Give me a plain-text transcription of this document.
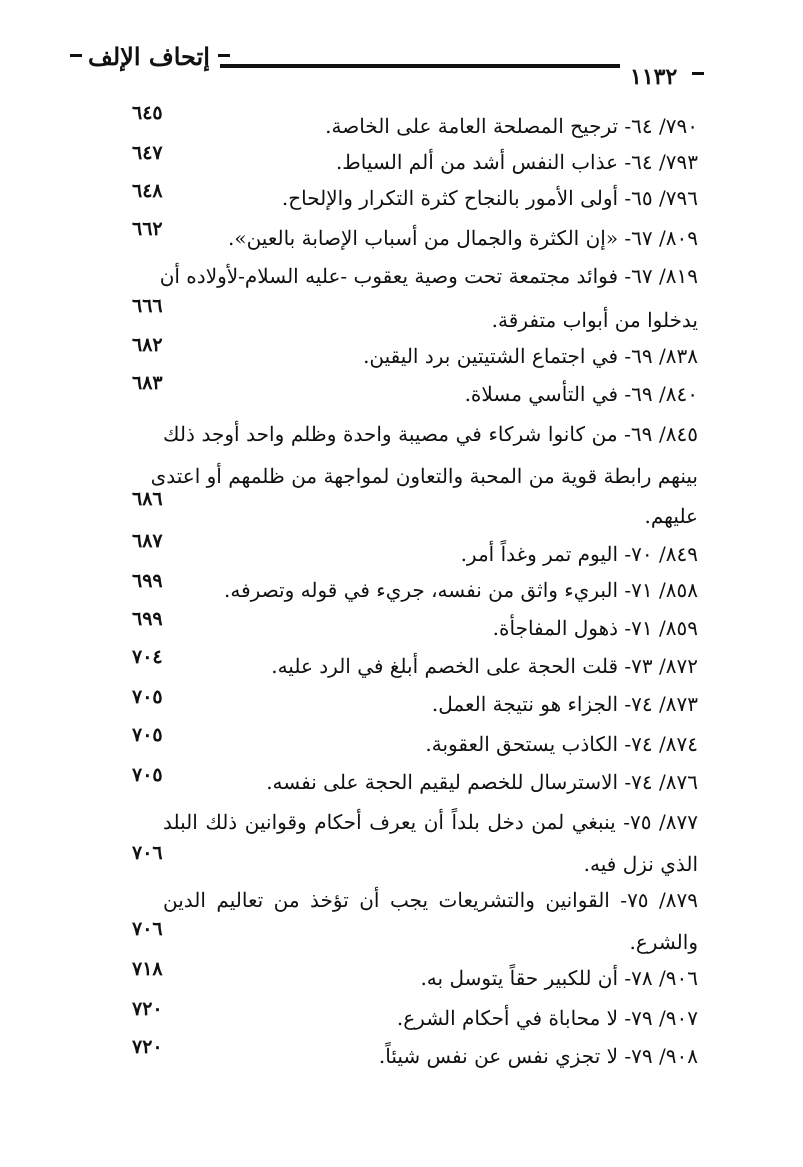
إتحاف الإلف
١١٣٢
٧٩٠/ ٦٤- ترجيح المصلحة العامة على الخاصة.
٦٤٥
٧٩٣/ ٦٤- عذاب النفس أشد من ألم السياط.
٦٤٧
٧٩٦/ ٦٥- أولى الأمور بالنجاح كثرة التكرار والإلحاح.
٦٤٨
٨٠٩/ ٦٧- «إن الكثرة والجمال من أسباب الإصابة بالعين».
٦٦٢
٨١٩/ ٦٧- فوائد مجتمعة تحت وصية يعقوب -عليه السلام-لأولاده أن
يدخلوا من أبواب متفرقة.
٦٦٦
٨٣٨/ ٦٩- في اجتماع الشتيتين برد اليقين.
٦٨٢
٨٤٠/ ٦٩- في التأسي مسلاة.
٦٨٣
٨٤٥/ ٦٩- من كانوا شركاء في مصيبة واحدة وظلم واحد أوجد ذلك
بينهم رابطة قوية من المحبة والتعاون لمواجهة من ظلمهم أو اعتدى
عليهم.
٦٨٦
٨٤٩/ ٧٠- اليوم تمر وغداً أمر.
٦٨٧
٨٥٨/ ٧١- البريء واثق من نفسه، جريء في قوله وتصرفه.
٦٩٩
٨٥٩/ ٧١- ذهول المفاجأة.
٦٩٩
٨٧٢/ ٧٣- قلت الحجة على الخصم أبلغ في الرد عليه.
٧٠٤
٨٧٣/ ٧٤- الجزاء هو نتيجة العمل.
٧٠٥
٨٧٤/ ٧٤- الكاذب يستحق العقوبة.
٧٠٥
٨٧٦/ ٧٤- الاسترسال للخصم ليقيم الحجة على نفسه.
٧٠٥
٨٧٧/ ٧٥- ينبغي لمن دخل بلداً أن يعرف أحكام وقوانين ذلك البلد
الذي نزل فيه.
٧٠٦
٨٧٩/ ٧٥- القوانين والتشريعات يجب أن تؤخذ من تعاليم الدين
والشرع.
٧٠٦
٩٠٦/ ٧٨- أن للكبير حقاً يتوسل به.
٧١٨
٩٠٧/ ٧٩- لا محاباة في أحكام الشرع.
٧٢٠
٩٠٨/ ٧٩- لا تجزي نفس عن نفس شيئاً.
٧٢٠
